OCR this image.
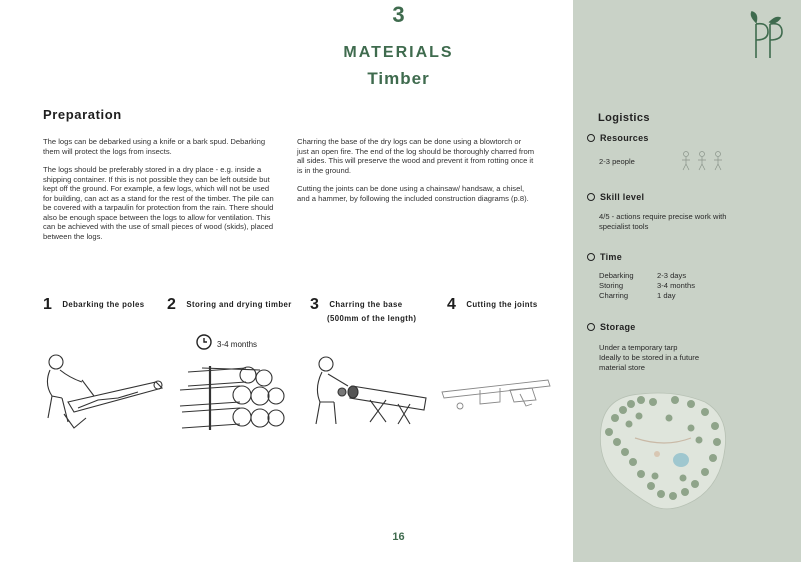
3
MATERIALS
Timber
Preparation

The logs can be debarked using a knife or a bark spud. Debarking them will protect the logs from insects.

The logs should be preferably stored in a dry place - e.g. inside a shipping container. If this is not possible they can be left outside but kept off the ground. For example, a few logs, which will not be used for building, can act as a stand for the rest of the timber. The pile can be covered with a tarpaulin for protection from the rain. There should also be enough space between the logs to allow for ventilation. This can be achieved with the use of small pieces of wood (skids), placed between the logs.

Charring the base of the dry logs can be done using a blowtorch or just an open fire. The end of the log should be thoroughly charred from all sides. This will preserve the wood and prevent it from rotting once it is in the ground.

Cutting the joints can be done using a chainsaw/ handsaw, a chisel, and a hammer, by following the included construction diagrams (p.8).

1 Debarking the poles 2 Storing and drying timber 3 Charring the base
(500mm of the length)
4 Cutting the joints
3-4 months
16
Logistics
Resources
2-3 people
Skill level
4/5 - actions require precise work with
specialist tools
Time
Debarking	2-3 days
Storing	3-4 months
Charring	1 day
Storage
Under a temporary tarp
Ideally to be stored in a future
material store
